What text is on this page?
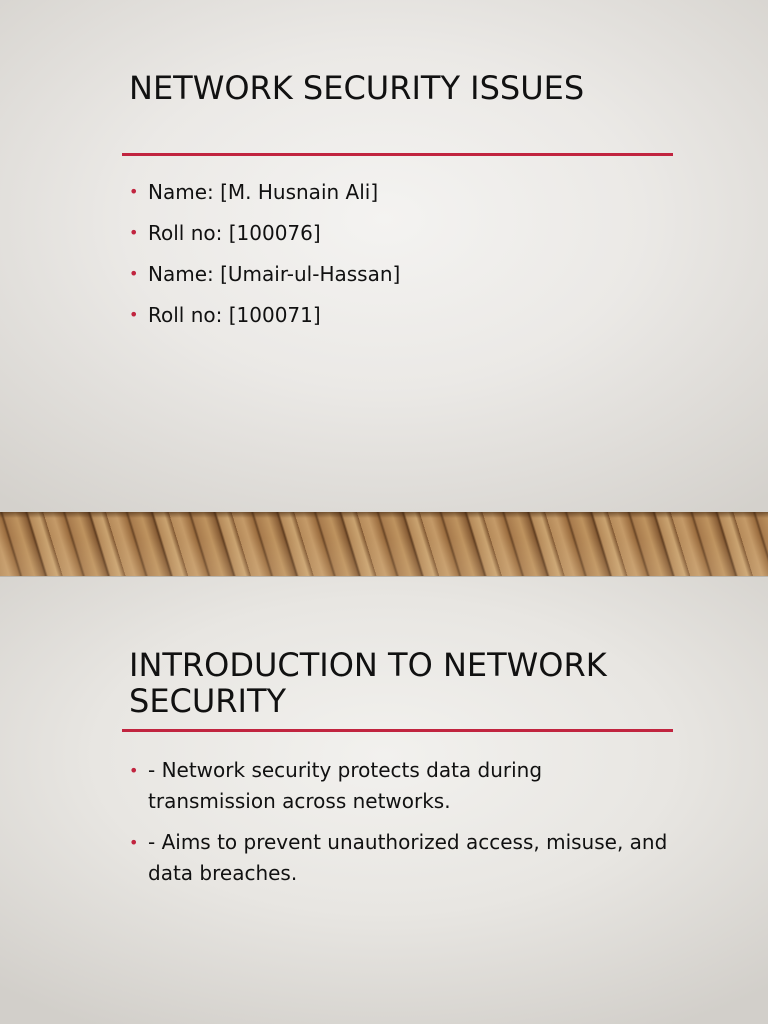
NETWORK SECURITY ISSUES
• Name: [M. Husnain Ali]
• Roll no: [100076]
• Name: [Umair-ul-Hassan]
• Roll no: [100071]
INTRODUCTION TO NETWORK SECURITY
• - Network security protects data during transmission across networks.
• - Aims to prevent unauthorized access, misuse, and data breaches.
